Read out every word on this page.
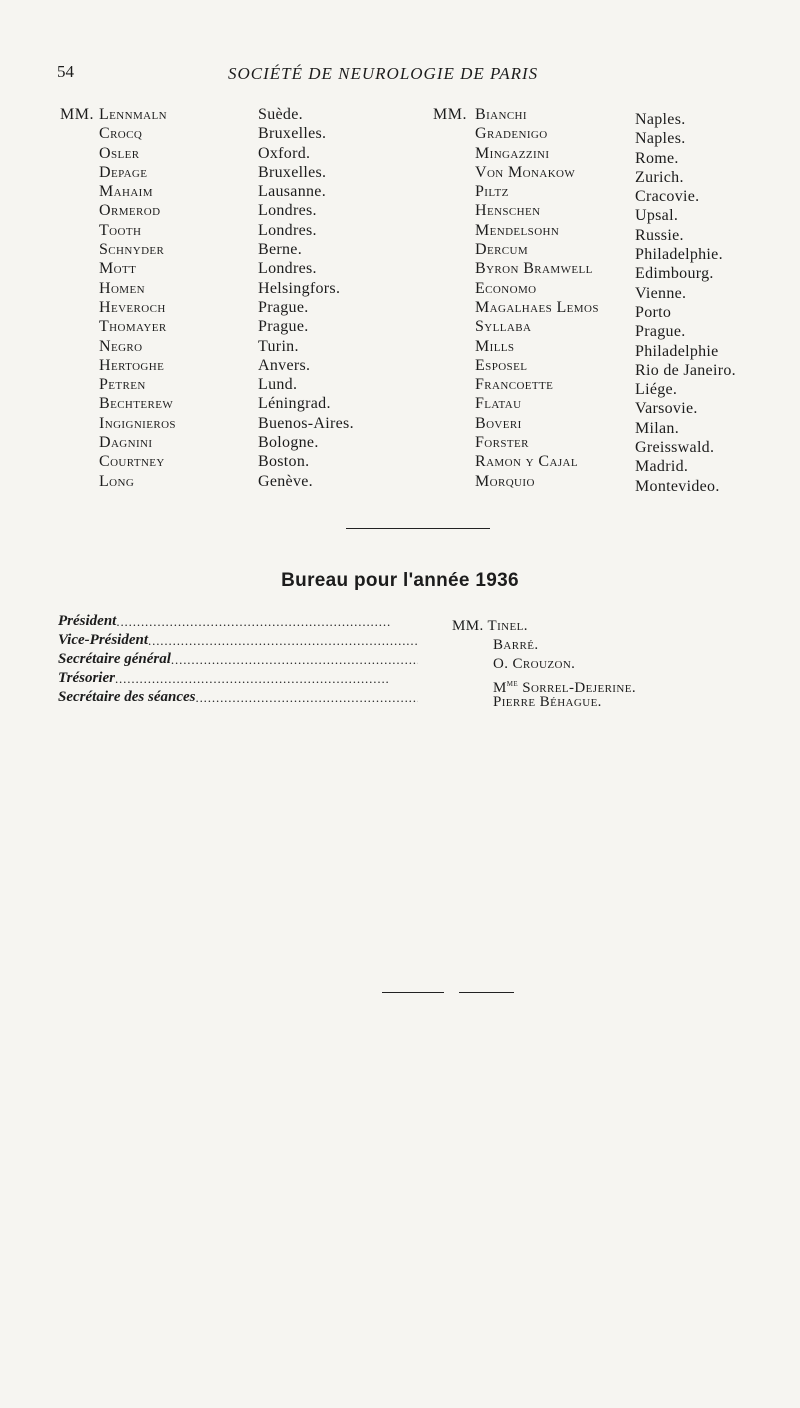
54	SOCIÉTÉ DE NEUROLOGIE DE PARIS
MM. Lennmaln
Crocq
Osler
Depage
Mahaim
Ormerod
Tooth
Schnyder
Mott
Homen
Heveroch
Thomayer
Negro
Hertoghe
Petren
Bechterew
Ingignieros
Dagnini
Courtney
Long
Suède.
Bruxelles.
Oxford.
Bruxelles.
Lausanne.
Londres.
Londres.
Berne.
Londres.
Helsingfors.
Prague.
Prague.
Turin.
Anvers.
Lund.
Léningrad.
Buenos-Aires.
Bologne.
Boston.
Genève.
MM. Bianchi
Gradenigo
Mingazzini
Von Monakow
Piltz
Henschen
Mendelsohn
Dercum
Byron Bramwell
Economo
Magalhaes Lemos
Syllaba
Mills
Esposel
Francoette
Flatau
Boveri
Forster
Ramon y Cajal
Morquio
Naples.
Naples.
Rome.
Zurich.
Cracovie.
Upsal.
Russie.
Philadelphie.
Edimbourg.
Vienne.
Porto
Prague.
Philadelphie
Rio de Janeiro.
Liége.
Varsovie.
Milan.
Greisswald.
Madrid.
Montevideo.
Bureau pour l'année 1936
Président
. . .
Vice-Président
. . .
Secrétaire général
. . .
Trésorier
. . .
Secrétaire des séances
. . .
MM. Tinel.
Barré.
O. Crouzon.
$M^{me}$ Sorrel-Dejerine.
Pierre Béhague.
